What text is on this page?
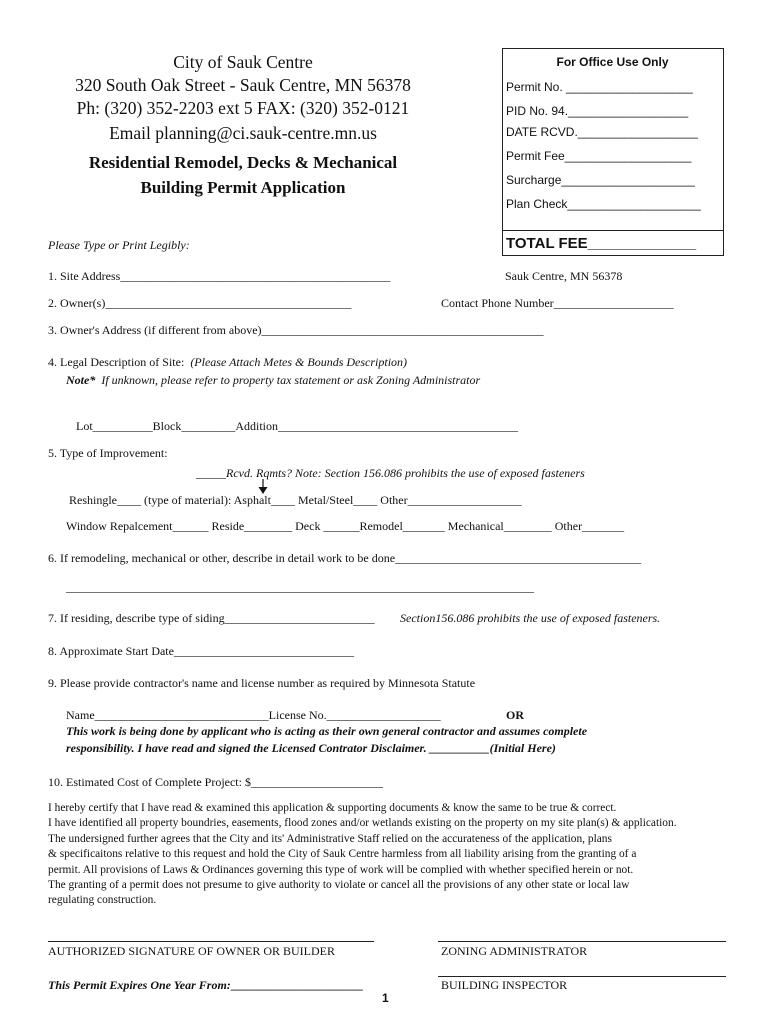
City of Sauk Centre
320 South Oak Street - Sauk Centre, MN 56378
Ph: (320) 352-2203 ext 5 FAX: (320) 352-0121
Email planning@ci.sauk-centre.mn.us
Residential Remodel, Decks & Mechanical
Building Permit Application
For Office Use Only
Permit No. ___________________
PID No. 94.__________________
DATE RCVD.__________________
Permit Fee___________________
Surcharge____________________
Plan Check____________________
TOTAL FEE_____________
Please Type or Print Legibly:
1. Site Address_____________________________________________	Sauk Centre, MN 56378
2. Owner(s)_________________________________________	Contact Phone Number____________________
3. Owner's Address (if different from above)_______________________________________________
4. Legal Description of Site: (Please Attach Metes & Bounds Description)
Note* If unknown, please refer to property tax statement or ask Zoning Administrator
Lot__________Block_________Addition________________________________________
5. Type of Improvement:
_____Rcvd. Rqmts? Note: Section 156.086 prohibits the use of exposed fasteners
Reshingle____ (type of material): Asphalt____ Metal/Steel____ Other___________________
Window Repalcement______ Reside________ Deck ______Remodel_______ Mechanical________ Other_______
6. If remodeling, mechanical or other, describe in detail work to be done_________________________________________
______________________________________________________________________________
7. If residing, describe type of siding_________________________ Section156.086 prohibits the use of exposed fasteners.
8. Approximate Start Date______________________________
9. Please provide contractor's name and license number as required by Minnesota Statute
Name_____________________________License No.___________________	OR
This work is being done by applicant who is acting as their own general contractor and assumes complete
responsibility. I have read and signed the Licensed Contrator Disclaimer. __________(Initial Here)
10. Estimated Cost of Complete Project: $______________________
I hereby certify that I have read & examined this application & supporting documents & know the same to be true & correct.
I have identified all property boundries, easements, flood zones and/or wetlands existing on the property on my site plan(s) & application.
The undersigned further agrees that the City and its' Administrative Staff relied on the accurateness of the application, plans
& specificaitons relative to this request and hold the City of Sauk Centre harmless from all liability arising from the granting of a
permit. All provisions of Laws & Ordinances governing this type of work will be complied with whether specified herein or not.
The granting of a permit does not presume to give authority to violate or cancel all the provisions of any other state or local law
regulating construction.
AUTHORIZED SIGNATURE OF OWNER OR BUILDER	ZONING ADMINISTRATOR
This Permit Expires One Year From:______________________	BUILDING INSPECTOR
1
